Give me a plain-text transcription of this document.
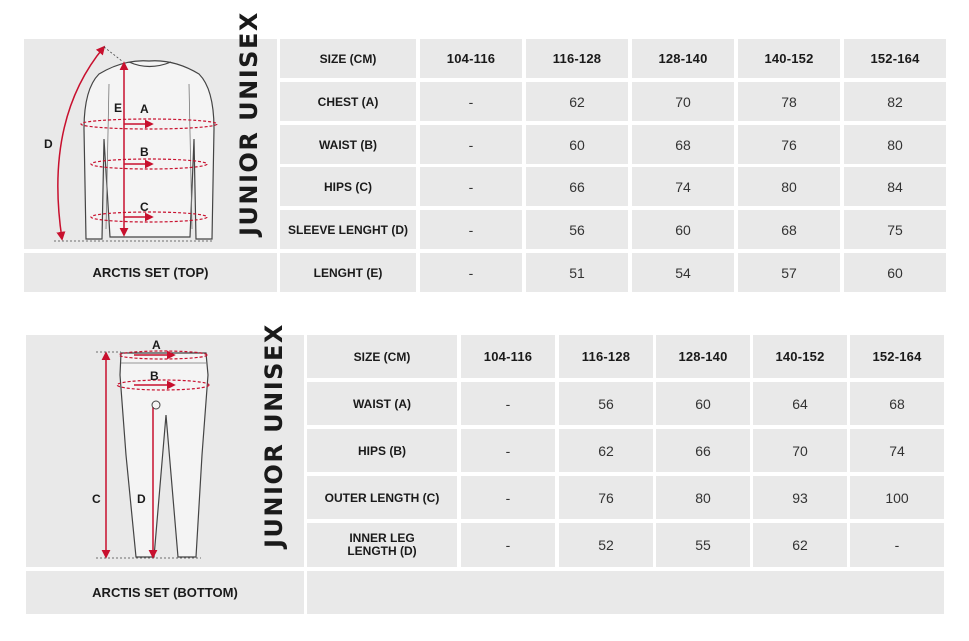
E A
D
B
C	JUNIOR UNISEX
ARCTIS SET (TOP)
SIZE (CM)	104-116	116-128	128-140	140-152	152-164
CHEST (A)	-	62	70	78	82
WAIST (B)	-	60	68	76	80
HIPS (C)	-	66	74	80	84
SLEEVE LENGHT (D)	-	56	60	68	75
LENGHT (E)	-	51	54	57	60
A
B
C	D	JUNIOR UNISEX
ARCTIS SET (BOTTOM)
SIZE (CM)	104-116	116-128	128-140	140-152	152-164
WAIST (A)	-	56	60	64	68
HIPS (B)	-	62	66	70	74
OUTER LENGTH (C)	-	76	80	93	100
INNER LEG
LENGTH (D)	-	52	55	62	-
